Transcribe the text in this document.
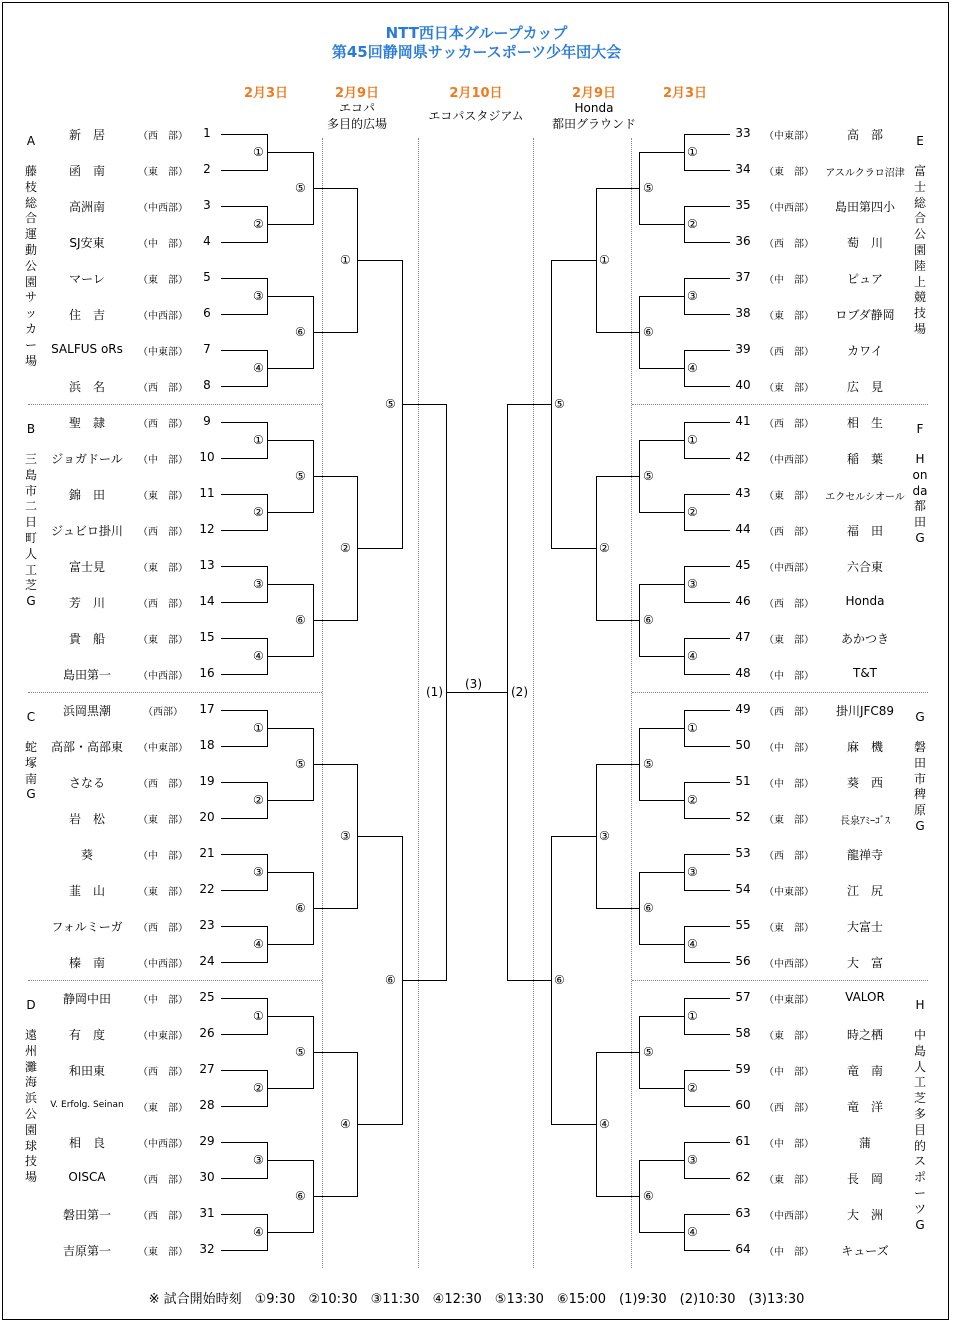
NTT西日本グループカップ
第45回静岡県サッカースポーツ少年団大会
2月3日	2月9日	2月10日	2月9日	2月3日
エコパ
多目的広場
エコパスタジアム
Honda
都田グラウンド
新　居	（西　部）	1
函　南	（東　部）	2
高洲南	（中西部）	3
SJ安東	（中　部）	4
マーレ	（東　部）	5
住　吉	（中西部）	6
SALFUS oRs	（中東部）	7
浜　名	（西　部）	8
聖　隷	（西　部）	9
ジョガドール	（中　部） 10
錦　田	（東　部） 11
ジュビロ掛川	（西　部） 12
富士見	（東　部） 13
芳　川	（西　部） 14
貴　船	（東　部） 15
島田第一	（中西部） 16
浜岡黒潮	（西部）	17
高部・高部東	（中東部） 18
さなる	（西　部） 19
岩　松	（東　部） 20
葵	（中　部） 21
韮　山	（東　部） 22
フォルミーガ	（西　部） 23
榛　南	（中西部） 24
静岡中田	（中　部） 25
有　度	（中東部） 26
和田東	（西　部） 27
V. Erfolg. Seinan	（東　部） 28
相　良	（中西部） 29
OISCA	（西　部） 30
磐田第一	（西　部） 31
吉原第一	（東　部） 32
33	（中東部）	高　部
34	（東　部）	アスルクラロ沼津
35	（中西部）	島田第四小
36	（西　部）	萄　川
37	（中　部）	ピュア
38	（東　部）	ロブダ静岡
39	（西　部）	カワイ
40	（東　部）	広　見
41	（西　部）	相　生
42	（中西部）	稲　葉
43	（東　部）	エクセルシオール
44	（西　部）	福　田
45	（中西部）	六合東
46	（西　部）	Honda
47	（東　部）	あかつき
48	（中　部）	T&T
49	（西　部）	掛川JFC89
50	（中　部）	麻　機
51	（中　部）	葵　西
52	（東　部）	長泉ｱﾐｰｺﾞｽ
53	（西　部）	龍禅寺
54	（中東部）	江　尻
55	（東　部）	大富士
56	（中西部）	大　富
57	（中東部）	VALOR
58	（東　部）	時之栖
59	（中　部）	竜　南
60	（西　部）	竜　洋
61	（中　部）	蒲
62	（東　部）	長　岡
63	（中西部）	大　洲
64	（中　部）	キューズ
A
藤枝総合運動公園サッカー場
B
三島市二日町人工芝G
C
蛇塚南G
D
遠州灘海浜公園球技場
E
富士総合公園陸上競技場
F
Honda都田G
G
磐田市稗原G
H
中島人工芝多目的スポーツG
①	①
②	②
③	③
④	④
⑤	⑤
⑥	⑥
①	①
①	①
②	②
③	③
④	④
⑤	⑤
⑥	⑥
②	②
①	①
②	②
③	③
④	④
⑤	⑤
⑥	⑥
③	③
①	①
②	②
③	③
④	④
⑤	⑤
⑥	⑥
④	④
⑤	⑤
⑥	⑥
(1)	(2)
(3)
※ 試合開始時刻　①9:30　②10:30　③11:30　④12:30　⑤13:30　⑥15:00　(1)9:30　(2)10:30　(3)13:30
